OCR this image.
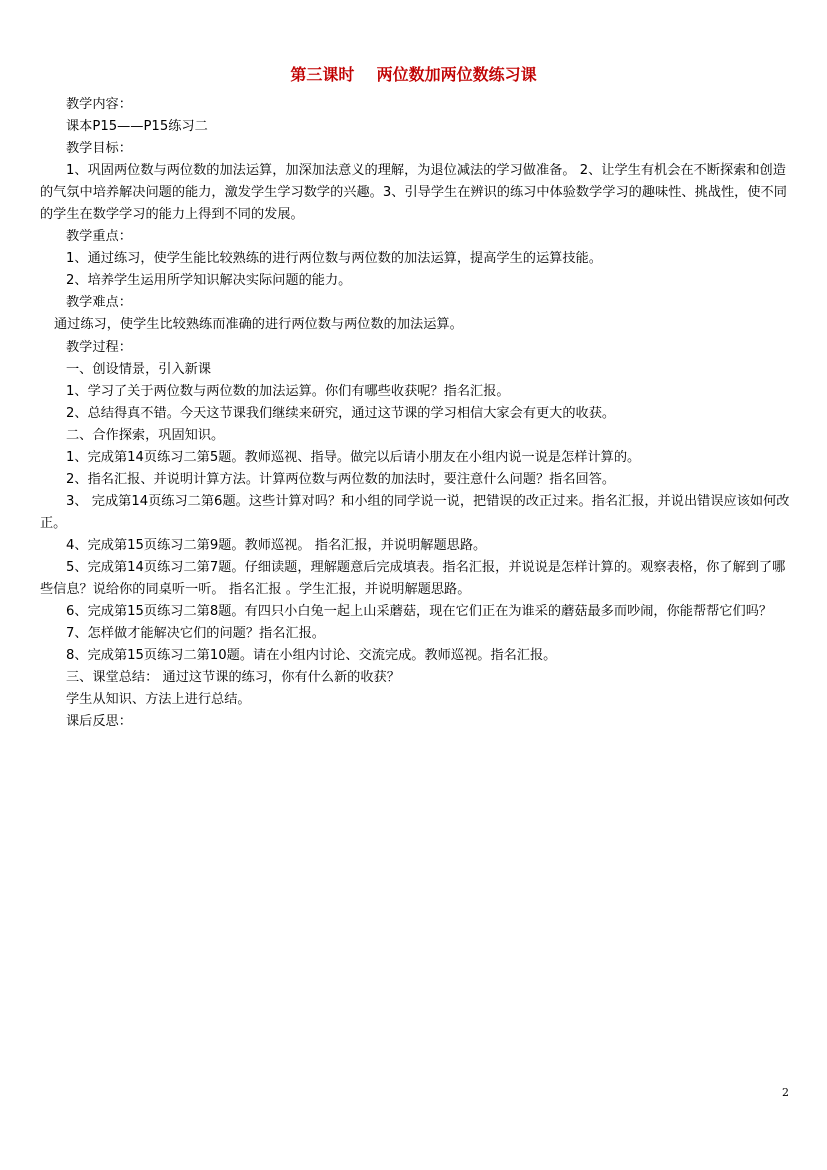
第三课时    两位数加两位数练习课

教学内容：

课本P15——P15练习二

教学目标：

1、巩固两位数与两位数的加法运算，加深加法意义的理解，为退位减法的学习做准备。 2、让学生有机会在不断探索和创造的气氛中培养解决问题的能力，激发学生学习数学的兴趣。3、引导学生在辨识的练习中体验数学学习的趣味性、挑战性，使不同的学生在数学学习的能力上得到不同的发展。

教学重点：

1、通过练习，使学生能比较熟练的进行两位数与两位数的加法运算，提高学生的运算技能。

2、培养学生运用所学知识解决实际问题的能力。

教学难点：

通过练习，使学生比较熟练而准确的进行两位数与两位数的加法运算。

教学过程：

一、创设情景，引入新课

1、学习了关于两位数与两位数的加法运算。你们有哪些收获呢？指名汇报。

2、总结得真不错。今天这节课我们继续来研究，通过这节课的学习相信大家会有更大的收获。

二、合作探索，巩固知识。

1、完成第14页练习二第5题。教师巡视、指导。做完以后请小朋友在小组内说一说是怎样计算的。

2、指名汇报、并说明计算方法。计算两位数与两位数的加法时，要注意什么问题？指名回答。

3、 完成第14页练习二第6题。这些计算对吗？和小组的同学说一说，把错误的改正过来。指名汇报，并说出错误应该如何改正。

4、完成第15页练习二第9题。教师巡视。 指名汇报，并说明解题思路。

5、完成第14页练习二第7题。仔细读题，理解题意后完成填表。指名汇报，并说说是怎样计算的。观察表格，你了解到了哪些信息？说给你的同桌听一听。 指名汇报 。学生汇报，并说明解题思路。

6、完成第15页练习二第8题。有四只小白兔一起上山采蘑菇，现在它们正在为谁采的蘑菇最多而吵闹，你能帮帮它们吗？

7、怎样做才能解决它们的问题？指名汇报。

8、完成第15页练习二第10题。请在小组内讨论、交流完成。教师巡视。指名汇报。

三、课堂总结： 通过这节课的练习，你有什么新的收获？

学生从知识、方法上进行总结。

课后反思：

2
